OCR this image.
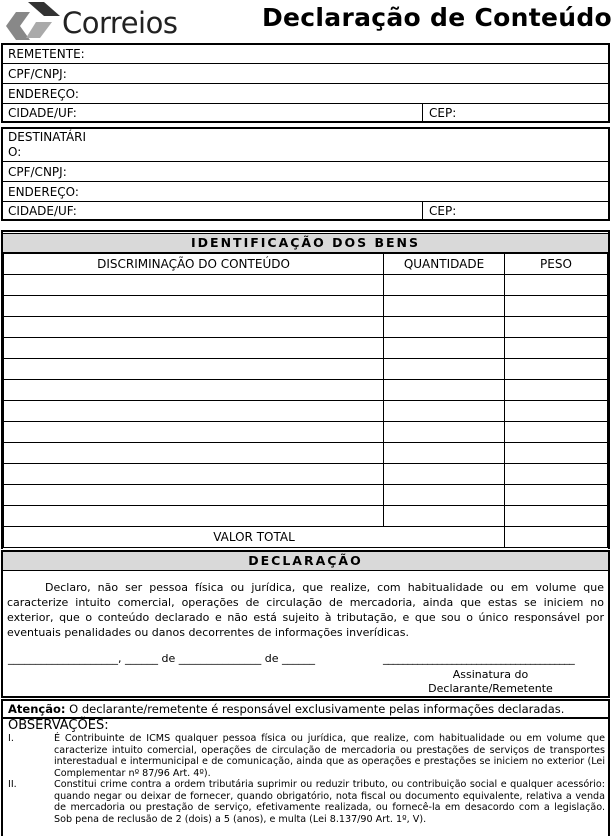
Correios	Declaração de Conteúdo
REMETENTE:
CPF/CNPJ:
ENDEREÇO:
CIDADE/UF:	CEP:
DESTINATÁRI
O:
CPF/CNPJ:
ENDEREÇO:
CIDADE/UF:	CEP:
IDENTIFICAÇÃO DOS BENS
DISCRIMINAÇÃO DO CONTEÚDO	QUANTIDADE	PESO

VALOR TOTAL		
DECLARAÇÃO
Declaro, não ser pessoa física ou jurídica, que realize, com habitualidade ou em volume que caracterize intuito comercial, operações de circulação de mercadoria, ainda que estas se iniciem no exterior, que o conteúdo declarado e não está sujeito à tributação, e que sou o único responsável por eventuais penalidades ou danos decorrentes de informações inverídicas.
____________________, ______ de _______________ de ______	_______________________________________
Assinatura do
Declarante/Remetente
Atenção: O declarante/remetente é responsável exclusivamente pelas informações declaradas.
OBSERVAÇÕES:
I.	É Contribuinte de ICMS qualquer pessoa física ou jurídica, que realize, com habitualidade ou em volume que caracterize intuito comercial, operações de circulação de mercadoria ou prestações de serviços de transportes interestadual e intermunicipal e de comunicação, ainda que as operações e prestações se iniciem no exterior (Lei Complementar nº 87/96 Art. 4º).
II.	Constitui crime contra a ordem tributária suprimir ou reduzir tributo, ou contribuição social e qualquer acessório: quando negar ou deixar de fornecer, quando obrigatório, nota fiscal ou documento equivalente, relativa a venda de mercadoria ou prestação de serviço, efetivamente realizada, ou fornecê-la em desacordo com a legislação. Sob pena de reclusão de 2 (dois) a 5 (anos), e multa (Lei 8.137/90 Art. 1º, V).
